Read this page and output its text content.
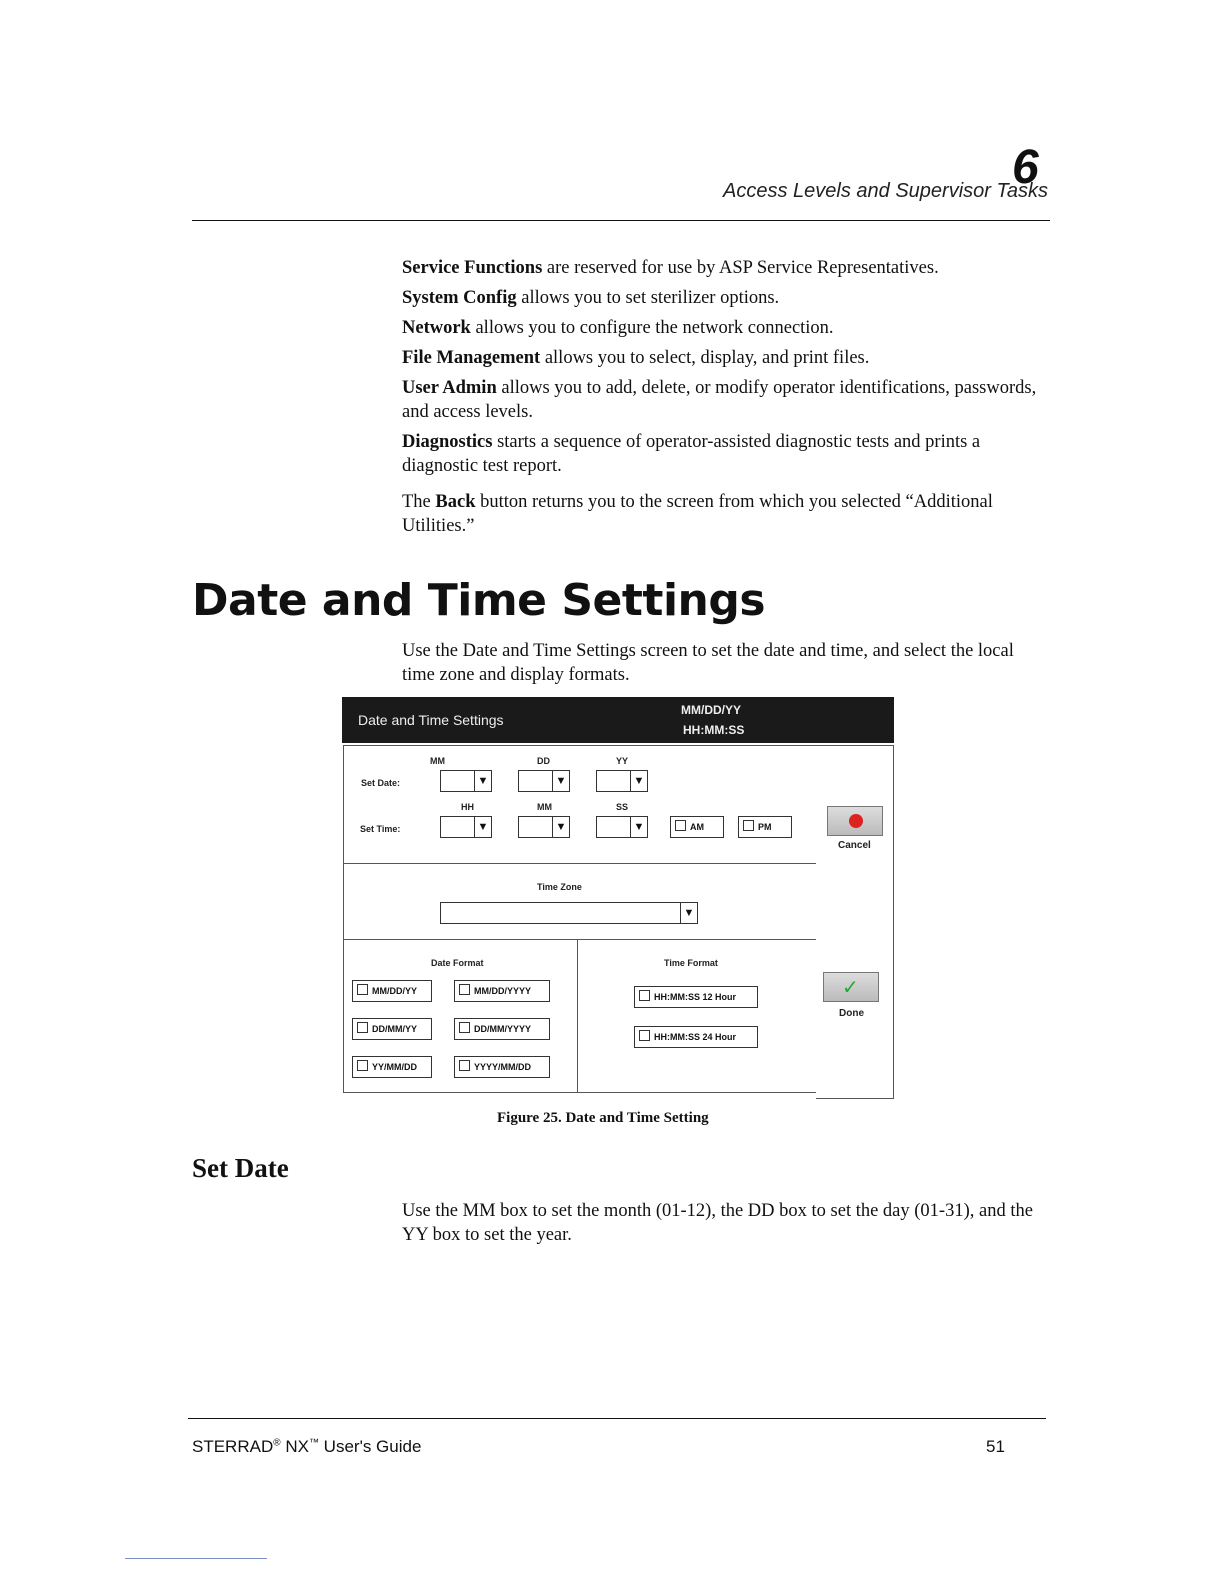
Access Levels and Supervisor Tasks
6
Service Functions are reserved for use by ASP Service Representatives.
System Config allows you to set sterilizer options.
Network allows you to configure the network connection.
File Management allows you to select, display, and print files.
User Admin allows you to add, delete, or modify operator identifications, passwords, and access levels.
Diagnostics starts a sequence of operator-assisted diagnostic tests and prints a diagnostic test report.
The Back button returns you to the screen from which you selected “Additional Utilities.”
Date and Time Settings
Use the Date and Time Settings screen to set the date and time, and select the local time zone and display formats.
Date and Time Settings
MM/DD/YY
HH:MM:SS
Set Date:
MM	DD	YY
▼	▼	▼
Set Time:
HH	MM	SS
▼	▼	▼	AM	PM
Time Zone
▼
Date Format
MM/DD/YY	MM/DD/YYYY
DD/MM/YY	DD/MM/YYYY
YY/MM/DD	YYYY/MM/DD
Time Format
HH:MM:SS 12 Hour
HH:MM:SS 24 Hour
Cancel
✓
Done
Figure 25. Date and Time Setting
Set Date
Use the MM box to set the month (01-12), the DD box to set the day (01-31), and the YY box to set the year.
STERRAD® NX™ User's Guide	51
